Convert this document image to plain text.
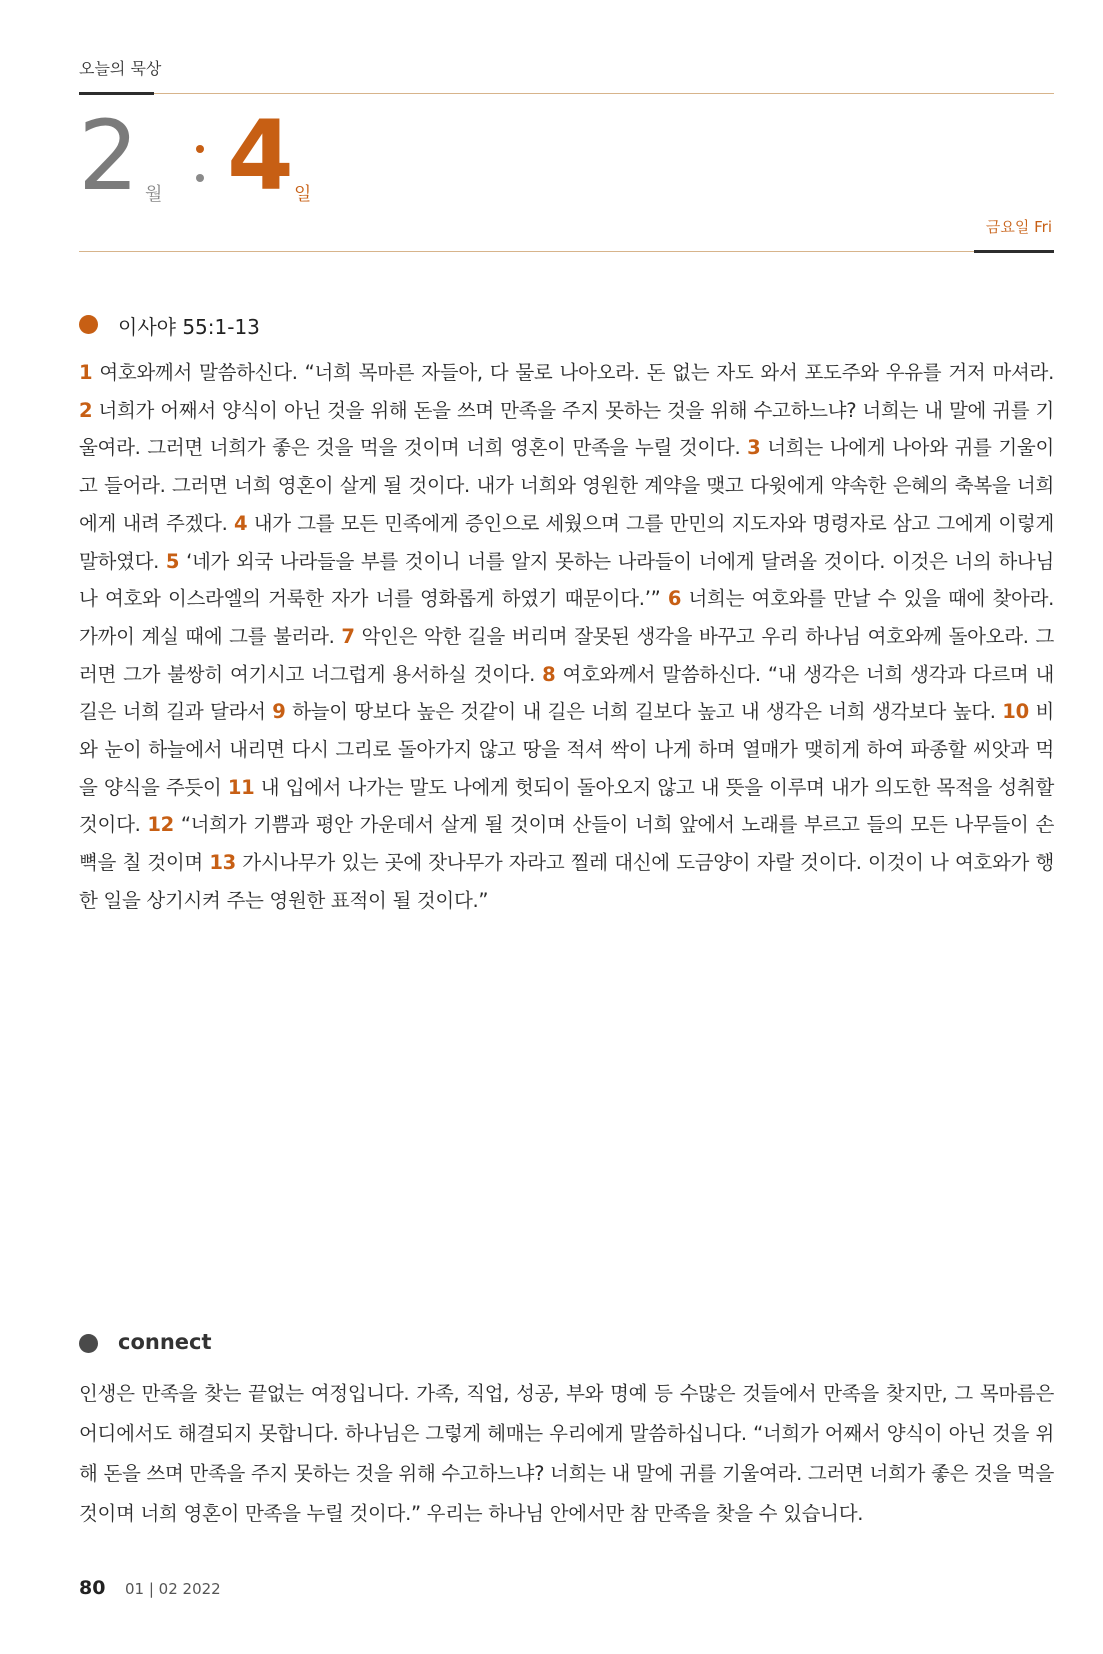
오늘의 묵상
2 월 4 일
금요일 Fri
이사야 55:1-13
1 여호와께서 말씀하신다. “너희 목마른 자들아, 다 물로 나아오라. 돈 없는 자도 와서 포도주와 우유를 거저 마셔라. 2 너희가 어째서 양식이 아닌 것을 위해 돈을 쓰며 만족을 주지 못하는 것을 위해 수고하느냐? 너희는 내 말에 귀를 기울여라. 그러면 너희가 좋은 것을 먹을 것이며 너희 영혼이 만족을 누릴 것이다. 3 너희는 나에게 나아와 귀를 기울이고 들어라. 그러면 너희 영혼이 살게 될 것이다. 내가 너희와 영원한 계약을 맺고 다윗에게 약속한 은혜의 축복을 너희에게 내려 주겠다. 4 내가 그를 모든 민족에게 증인으로 세웠으며 그를 만민의 지도자와 명령자로 삼고 그에게 이렇게 말하였다. 5 ‘네가 외국 나라들을 부를 것이니 너를 알지 못하는 나라들이 너에게 달려올 것이다. 이것은 너의 하나님 나 여호와 이스라엘의 거룩한 자가 너를 영화롭게 하였기 때문이다.’” 6 너희는 여호와를 만날 수 있을 때에 찾아라. 가까이 계실 때에 그를 불러라. 7 악인은 악한 길을 버리며 잘못된 생각을 바꾸고 우리 하나님 여호와께 돌아오라. 그러면 그가 불쌍히 여기시고 너그럽게 용서하실 것이다. 8 여호와께서 말씀하신다. “내 생각은 너희 생각과 다르며 내 길은 너희 길과 달라서 9 하늘이 땅보다 높은 것같이 내 길은 너희 길보다 높고 내 생각은 너희 생각보다 높다. 10 비와 눈이 하늘에서 내리면 다시 그리로 돌아가지 않고 땅을 적셔 싹이 나게 하며 열매가 맺히게 하여 파종할 씨앗과 먹을 양식을 주듯이 11 내 입에서 나가는 말도 나에게 헛되이 돌아오지 않고 내 뜻을 이루며 내가 의도한 목적을 성취할 것이다. 12 “너희가 기쁨과 평안 가운데서 살게 될 것이며 산들이 너희 앞에서 노래를 부르고 들의 모든 나무들이 손뼉을 칠 것이며 13 가시나무가 있는 곳에 잣나무가 자라고 찔레 대신에 도금양이 자랄 것이다. 이것이 나 여호와가 행한 일을 상기시켜 주는 영원한 표적이 될 것이다.”
connect
인생은 만족을 찾는 끝없는 여정입니다. 가족, 직업, 성공, 부와 명예 등 수많은 것들에서 만족을 찾지만, 그 목마름은 어디에서도 해결되지 못합니다. 하나님은 그렇게 헤매는 우리에게 말씀하십니다. “너희가 어째서 양식이 아닌 것을 위해 돈을 쓰며 만족을 주지 못하는 것을 위해 수고하느냐? 너희는 내 말에 귀를 기울여라. 그러면 너희가 좋은 것을 먹을 것이며 너희 영혼이 만족을 누릴 것이다.” 우리는 하나님 안에서만 참 만족을 찾을 수 있습니다.
80 01 | 02 2022
